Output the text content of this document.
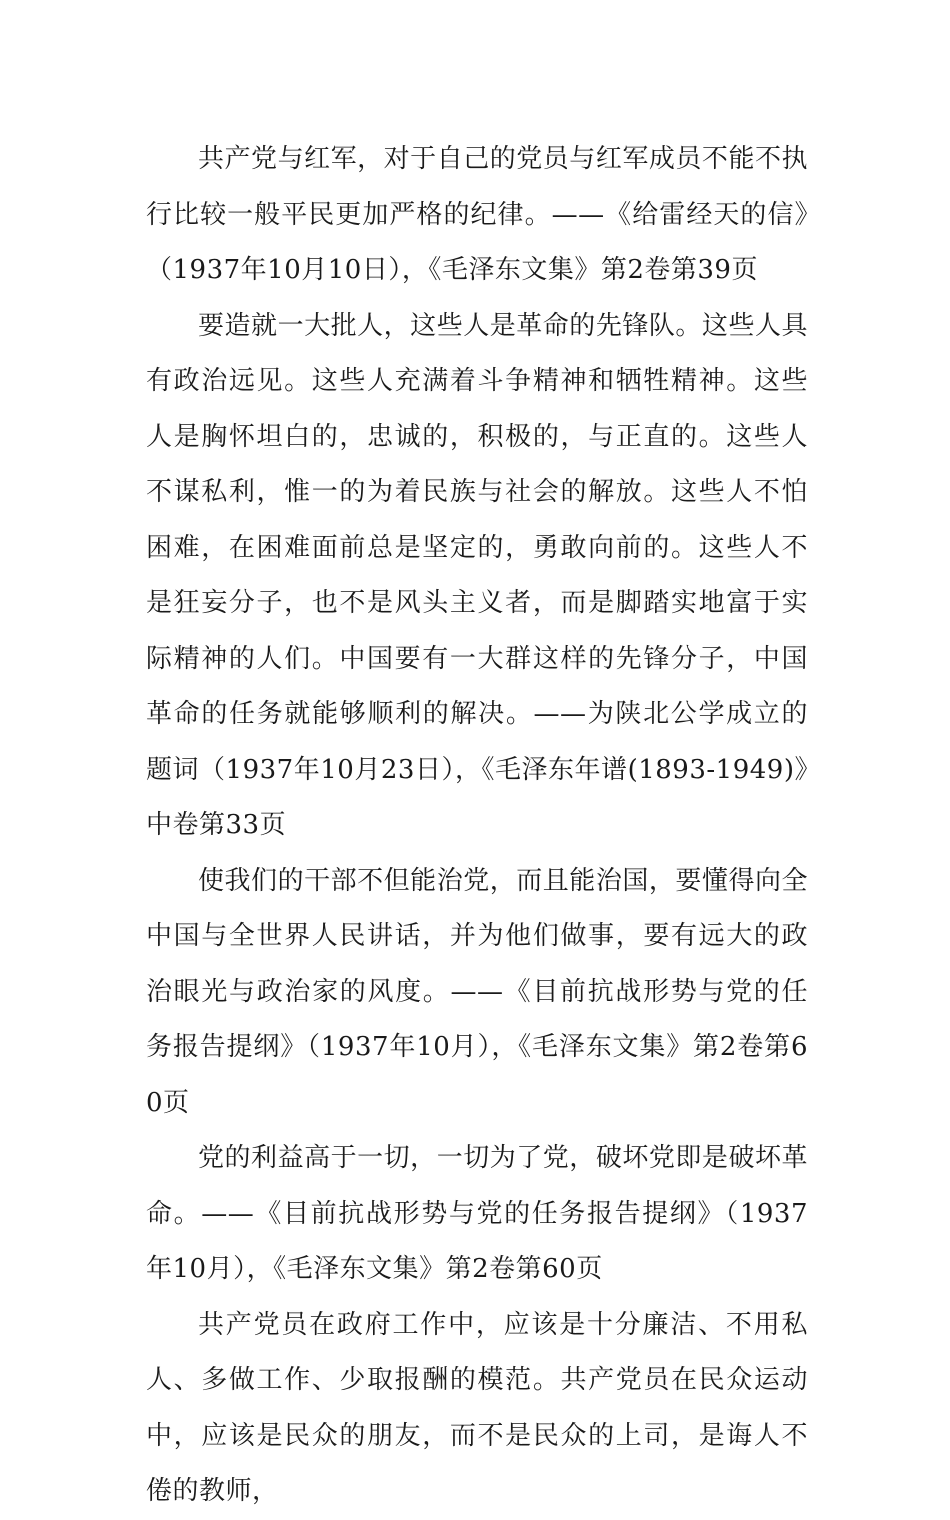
共产党与红军，对于自己的党员与红军成员不能不执行比较一般平民更加严格的纪律。——《给雷经天的信》（1937年10月10日），《毛泽东文集》第2卷第39页

要造就一大批人，这些人是革命的先锋队。这些人具有政治远见。这些人充满着斗争精神和牺牲精神。这些人是胸怀坦白的，忠诚的，积极的，与正直的。这些人不谋私利，惟一的为着民族与社会的解放。这些人不怕困难，在困难面前总是坚定的，勇敢向前的。这些人不是狂妄分子，也不是风头主义者，而是脚踏实地富于实际精神的人们。中国要有一大群这样的先锋分子，中国革命的任务就能够顺利的解决。——为陕北公学成立的题词（1937年10月23日），《毛泽东年谱(1893-1949)》中卷第33页

使我们的干部不但能治党，而且能治国，要懂得向全中国与全世界人民讲话，并为他们做事，要有远大的政治眼光与政治家的风度。——《目前抗战形势与党的任务报告提纲》（1937年10月），《毛泽东文集》第2卷第60页

党的利益高于一切，一切为了党，破坏党即是破坏革命。——《目前抗战形势与党的任务报告提纲》（1937年10月），《毛泽东文集》第2卷第60页

共产党员在政府工作中，应该是十分廉洁、不用私人、多做工作、少取报酬的模范。共产党员在民众运动中，应该是民众的朋友，而不是民众的上司，是诲人不倦的教师，
